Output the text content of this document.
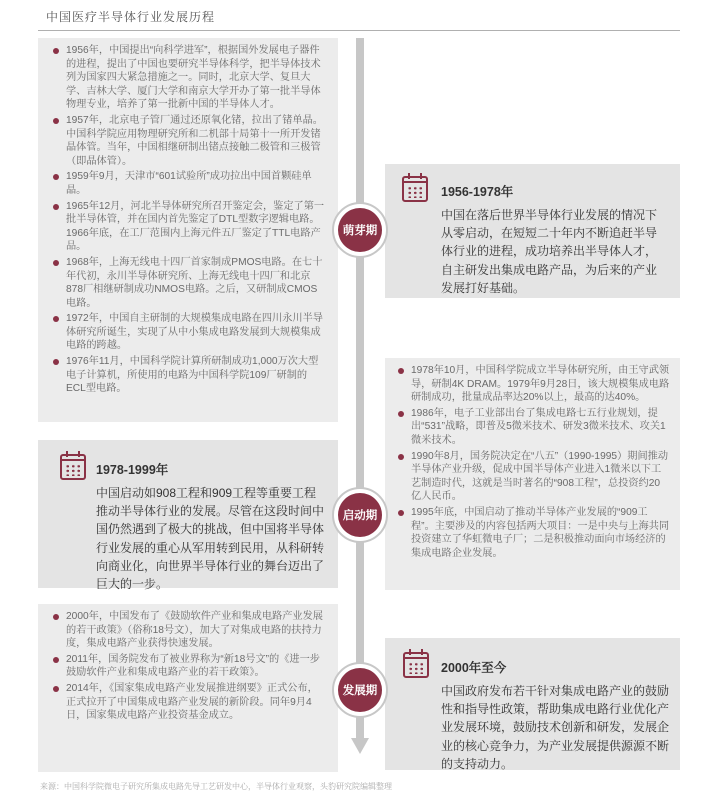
中国医疗半导体行业发展历程
1956年，中国提出“向科学进军”，根据国外发展电子器件的进程，提出了中国也要研究半导体科学，把半导体技术列为国家四大紧急措施之一。同时，北京大学、复旦大学、吉林大学、厦门大学和南京大学开办了第一批半导体物理专业，培养了第一批新中国的半导体人才。
1957年，北京电子管厂通过还原氧化锗，拉出了锗单晶。中国科学院应用物理研究所和二机部十局第十一所开发锗晶体管。当年，中国相继研制出锗点接触二极管和三极管（即晶体管）。
1959年9月，天津市“601试验所”成功拉出中国首颗硅单晶。
1965年12月，河北半导体研究所召开鉴定会，鉴定了第一批半导体管，并在国内首先鉴定了DTL型数字逻辑电路。1966年底，在工厂范围内上海元件五厂鉴定了TTL电路产品。
1968年，上海无线电十四厂首家制成PMOS电路。在七十年代初，永川半导体研究所、上海无线电十四厂和北京878厂相继研制成功NMOS电路。之后，又研制成CMOS电路。
1972年，中国自主研制的大规模集成电路在四川永川半导体研究所诞生，实现了从中小集成电路发展到大规模集成电路的跨越。
1976年11月，中国科学院计算所研制成功1,000万次大型电子计算机，所使用的电路为中国科学院109厂研制的ECL型电路。
1956-1978年
中国在落后世界半导体行业发展的情况下从零启动，在短短二十年内不断追赶半导体行业的进程，成功培养出半导体人才，自主研发出集成电路产品，为后来的产业发展打好基础。
萌芽期
1978-1999年
中国启动如908工程和909工程等重要工程推动半导体行业的发展。尽管在这段时间中国仍然遇到了极大的挑战，但中国将半导体行业发展的重心从军用转到民用，从科研转向商业化，向世界半导体行业的舞台迈出了巨大的一步。
1978年10月，中国科学院成立半导体研究所，由王守武领导，研制4K DRAM。1979年9月28日，该大规模集成电路研制成功，批量成品率达20%以上，最高的达40%。
1986年，电子工业部出台了集成电路七五行业规划，提出“531”战略，即普及5微米技术、研发3微米技术、攻关1微米技术。
1990年8月，国务院决定在“八五”（1990-1995）期间推动半导体产业升级，促成中国半导体产业进入1微米以下工艺制造时代，这就是当时著名的“908工程”，总投资约20亿人民币。
1995年底，中国启动了推动半导体产业发展的“909工程”。主要涉及的内容包括两大项目：一是中央与上海共同投资建立了华虹微电子厂；二是积极推动面向市场经济的集成电路企业发展。
启动期
2000年，中国发布了《鼓励软件产业和集成电路产业发展的若干政策》（俗称18号文），加大了对集成电路的扶持力度，集成电路产业获得快速发展。
2011年，国务院发布了被业界称为“新18号文”的《进一步鼓励软件产业和集成电路产业的若干政策》。
2014年，《国家集成电路产业发展推进纲要》正式公布，正式拉开了中国集成电路产业发展的新阶段。同年9月4日，国家集成电路产业投资基金成立。
2000年至今
中国政府发布若干针对集成电路产业的鼓励性和指导性政策，帮助集成电路行业优化产业发展环境，鼓励技术创新和研发，发展企业的核心竞争力，为产业发展提供源源不断的支持动力。
发展期
来源：中国科学院微电子研究所集成电路先导工艺研发中心，半导体行业观察，头豹研究院编辑整理
